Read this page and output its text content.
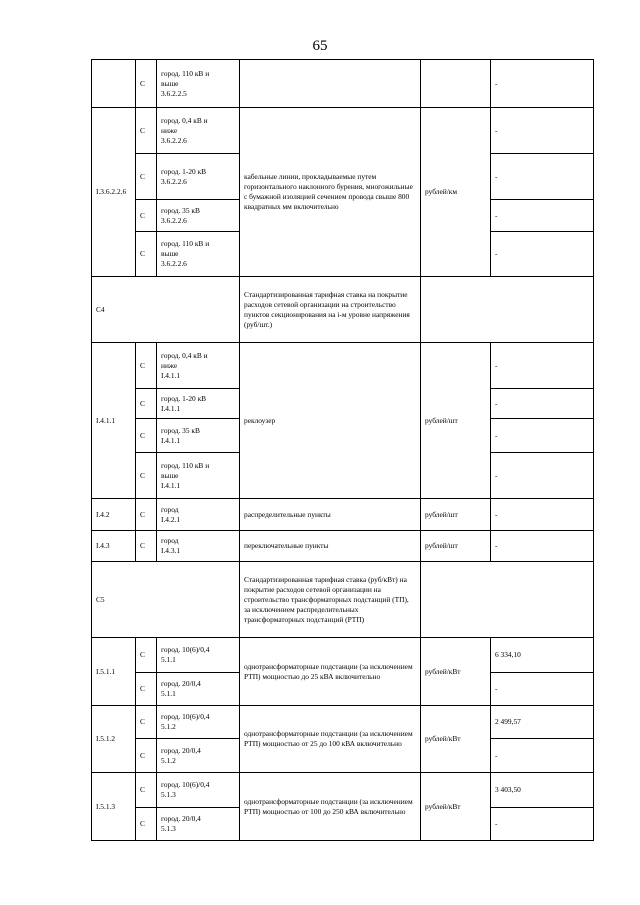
65
	С	город. 110 кВ и
выше
3.6.2.2.5			-
I.3.6.2.2.6	С	город. 0,4 кВ и
ниже
3.6.2.2.6	кабельные линии, прокладываемые путем горизонтального наклонного бурения, многожильные с бумажной изоляцией сечением провода свыше 800 квадратных мм включительно	рублей/км	-
	С	город. 1-20 кВ
3.6.2.2.6			-
	С	город. 35 кВ
3.6.2.2.6			-
	С	город. 110 кВ и
выше
3.6.2.2.6			-
C4			Стандартизированная тарифная ставка на покрытие расходов сетевой организации на строительство пунктов секционирования на i-м уровне напряжения (руб/шт.)		
I.4.1.1	С	город. 0,4 кВ и
ниже
I.4.1.1	реклоузер	рублей/шт	-
	С	город. 1-20 кВ
I.4.1.1			-
	С	город. 35 кВ
I.4.1.1			-
	С	город. 110 кВ и
выше
I.4.1.1			-
I.4.2	С	город
I.4.2.1	распределительные пункты	рублей/шт	-
I.4.3	С	город
I.4.3.1	переключательные пункты	рублей/шт	-
C5			Стандартизированная тарифная ставка (руб/кВт) на покрытие расходов сетевой организации на строительство трансформаторных подстанций (ТП), за исключением распределительных трансформаторных подстанций (РТП)		
I.5.1.1	С	город. 10(6)/0,4
5.1.1	однотрансформаторные подстанции (за исключением РТП) мощностью до 25 кВА включительно	рублей/кВт	6 334,10
	С	город. 20/0,4
5.1.1			-
I.5.1.2	С	город. 10(6)/0,4
5.1.2	однотрансформаторные подстанции (за исключением РТП) мощностью от 25 до 100 кВА включительно	рублей/кВт	2 499,57
	С	город. 20/0,4
5.1.2			-
I.5.1.3	С	город. 10(6)/0,4
5.1.3	однотрансформаторные подстанции (за исключением РТП) мощностью от 100 до 250 кВА включительно	рублей/кВт	3 403,50
	С	город. 20/0,4
5.1.3			-
